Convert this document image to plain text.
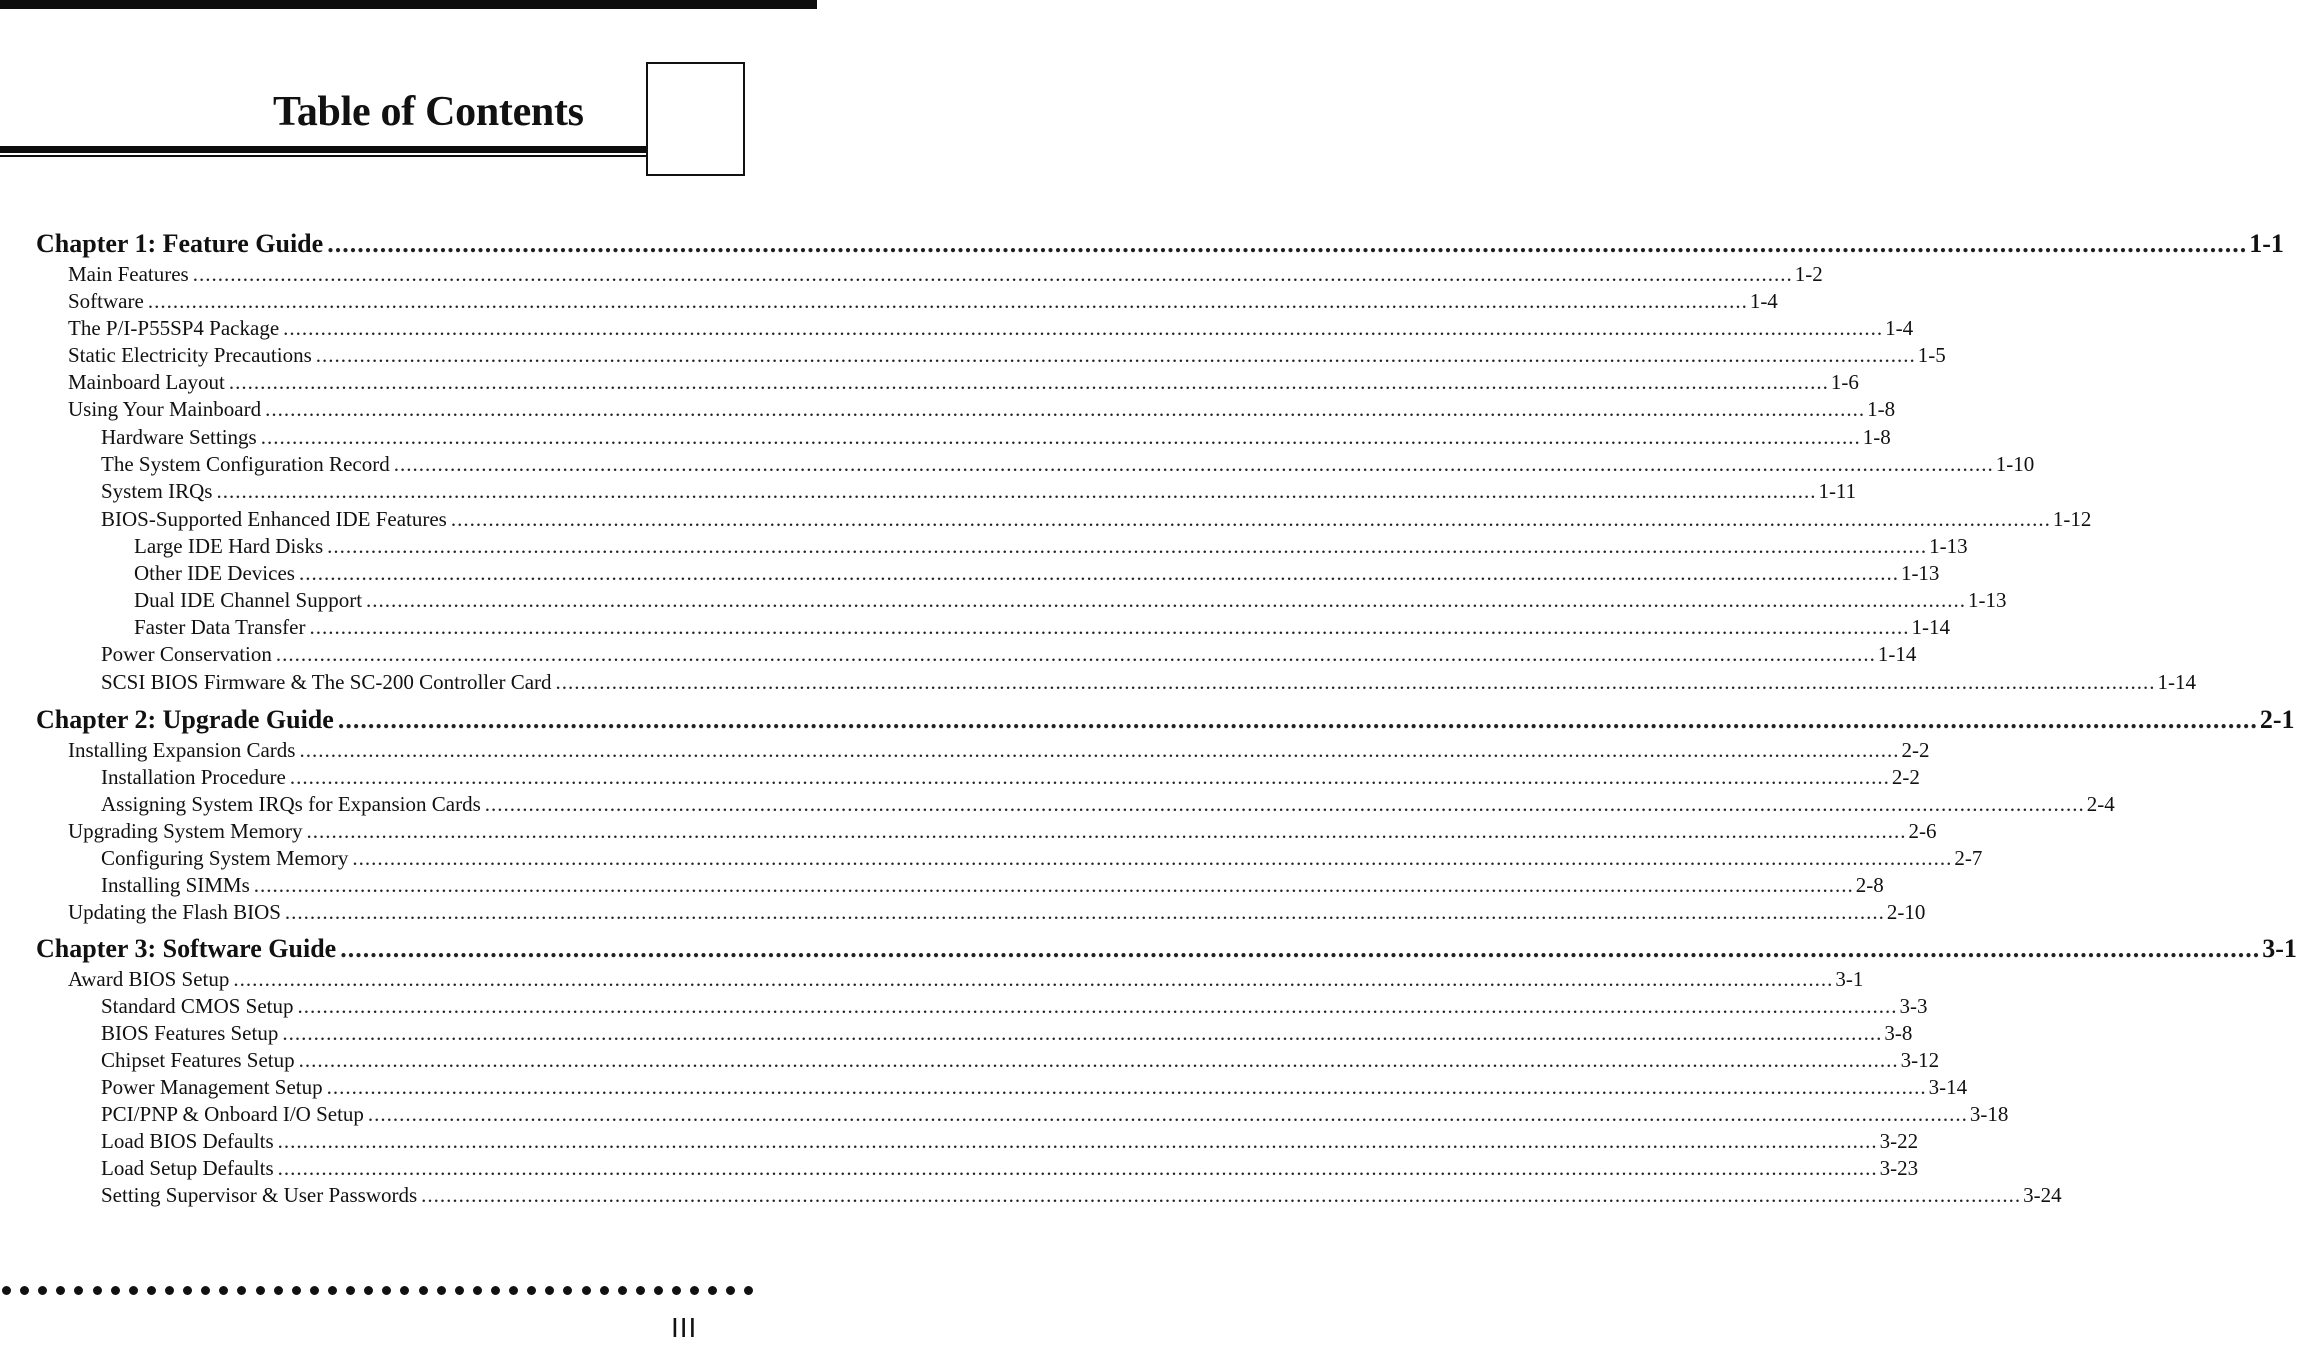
Table of Contents
Chapter 1: Feature Guide ................................................................................................................................................................................................................................................................ 1-1
Main Features ................................................................................................................................................................................................................................................................ 1-2
Software ................................................................................................................................................................................................................................................................ 1-4
The P/I-P55SP4 Package ................................................................................................................................................................................................................................................................ 1-4
Static Electricity Precautions ................................................................................................................................................................................................................................................................ 1-5
Mainboard Layout ................................................................................................................................................................................................................................................................ 1-6
Using Your Mainboard ................................................................................................................................................................................................................................................................ 1-8
Hardware Settings ................................................................................................................................................................................................................................................................ 1-8
The System Configuration Record ................................................................................................................................................................................................................................................................ 1-10
System IRQs ................................................................................................................................................................................................................................................................ 1-11
BIOS-Supported Enhanced IDE Features ................................................................................................................................................................................................................................................................ 1-12
Large IDE Hard Disks ................................................................................................................................................................................................................................................................ 1-13
Other IDE Devices ................................................................................................................................................................................................................................................................ 1-13
Dual IDE Channel Support ................................................................................................................................................................................................................................................................ 1-13
Faster Data Transfer ................................................................................................................................................................................................................................................................ 1-14
Power Conservation ................................................................................................................................................................................................................................................................ 1-14
SCSI BIOS Firmware & The SC-200 Controller Card ................................................................................................................................................................................................................................................................ 1-14
Chapter 2: Upgrade Guide ................................................................................................................................................................................................................................................................ 2-1
Installing Expansion Cards ................................................................................................................................................................................................................................................................ 2-2
Installation Procedure ................................................................................................................................................................................................................................................................ 2-2
Assigning System IRQs for Expansion Cards ................................................................................................................................................................................................................................................................ 2-4
Upgrading System Memory ................................................................................................................................................................................................................................................................ 2-6
Configuring System Memory ................................................................................................................................................................................................................................................................ 2-7
Installing SIMMs ................................................................................................................................................................................................................................................................ 2-8
Updating the Flash BIOS ................................................................................................................................................................................................................................................................ 2-10
Chapter 3: Software Guide ................................................................................................................................................................................................................................................................ 3-1
Award BIOS Setup ................................................................................................................................................................................................................................................................ 3-1
Standard CMOS Setup ................................................................................................................................................................................................................................................................ 3-3
BIOS Features Setup ................................................................................................................................................................................................................................................................ 3-8
Chipset Features Setup ................................................................................................................................................................................................................................................................ 3-12
Power Management Setup ................................................................................................................................................................................................................................................................ 3-14
PCI/PNP & Onboard I/O Setup ................................................................................................................................................................................................................................................................ 3-18
Load BIOS Defaults ................................................................................................................................................................................................................................................................ 3-22
Load Setup Defaults ................................................................................................................................................................................................................................................................ 3-23
Setting Supervisor & User Passwords ................................................................................................................................................................................................................................................................ 3-24
III
